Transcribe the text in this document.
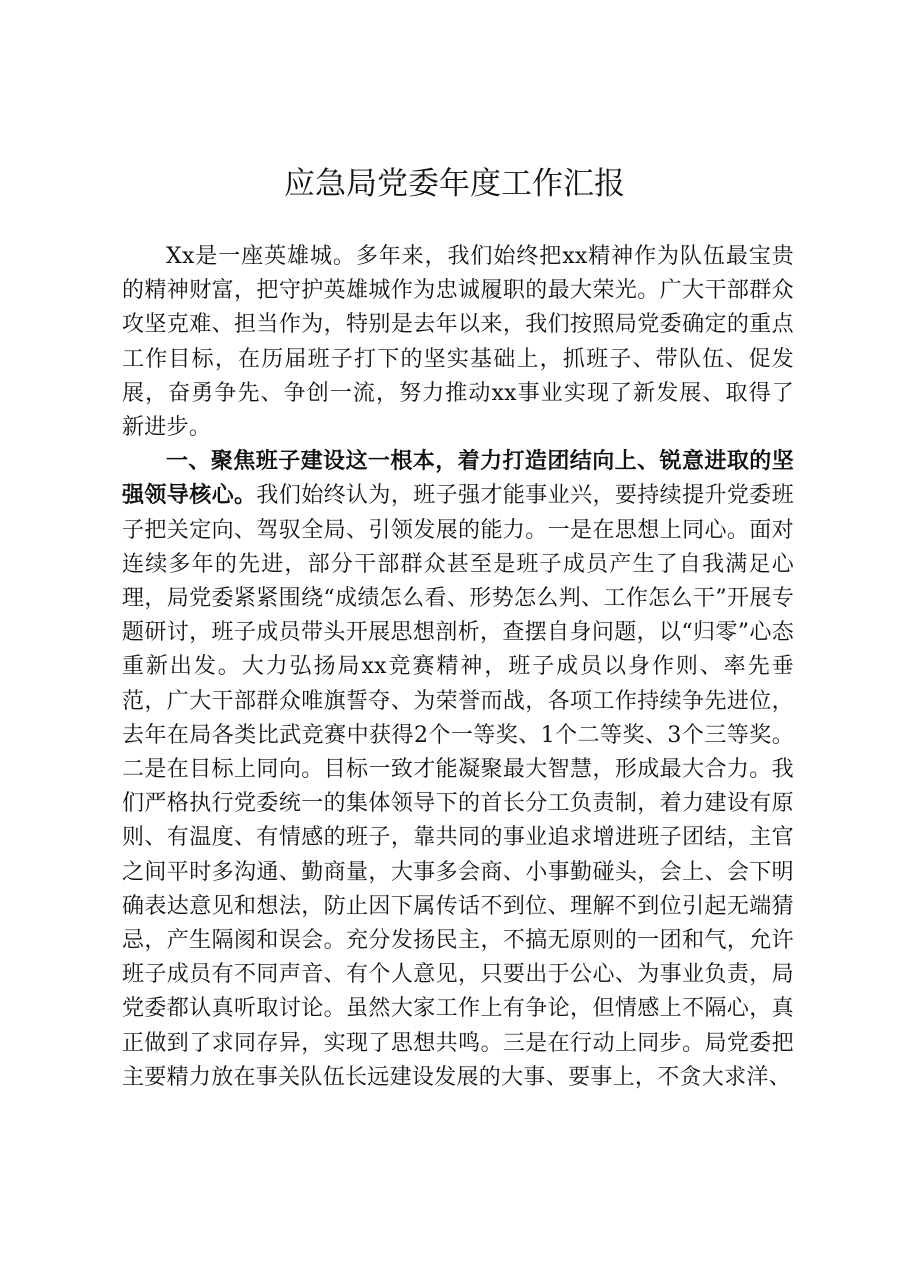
应急局党委年度工作汇报

Xx是一座英雄城。多年来，我们始终把xx精神作为队伍最宝贵的精神财富，把守护英雄城作为忠诚履职的最大荣光。广大干部群众攻坚克难、担当作为，特别是去年以来，我们按照局党委确定的重点工作目标，在历届班子打下的坚实基础上，抓班子、带队伍、促发展，奋勇争先、争创一流，努力推动xx事业实现了新发展、取得了新进步。

一、聚焦班子建设这一根本，着力打造团结向上、锐意进取的坚强领导核心。我们始终认为，班子强才能事业兴，要持续提升党委班子把关定向、驾驭全局、引领发展的能力。一是在思想上同心。面对连续多年的先进，部分干部群众甚至是班子成员产生了自我满足心理，局党委紧紧围绕“成绩怎么看、形势怎么判、工作怎么干”开展专题研讨，班子成员带头开展思想剖析，查摆自身问题，以“归零”心态重新出发。大力弘扬局xx竞赛精神，班子成员以身作则、率先垂范，广大干部群众唯旗誓夺、为荣誉而战，各项工作持续争先进位，去年在局各类比武竞赛中获得2个一等奖、1个二等奖、3个三等奖。二是在目标上同向。目标一致才能凝聚最大智慧，形成最大合力。我们严格执行党委统一的集体领导下的首长分工负责制，着力建设有原则、有温度、有情感的班子，靠共同的事业追求增进班子团结，主官之间平时多沟通、勤商量，大事多会商、小事勤碰头，会上、会下明确表达意见和想法，防止因下属传话不到位、理解不到位引起无端猜忌，产生隔阂和误会。充分发扬民主，不搞无原则的一团和气，允许班子成员有不同声音、有个人意见，只要出于公心、为事业负责，局党委都认真听取讨论。虽然大家工作上有争论，但情感上不隔心，真正做到了求同存异，实现了思想共鸣。三是在行动上同步。局党委把主要精力放在事关队伍长远建设发展的大事、要事上，不贪大求洋、
